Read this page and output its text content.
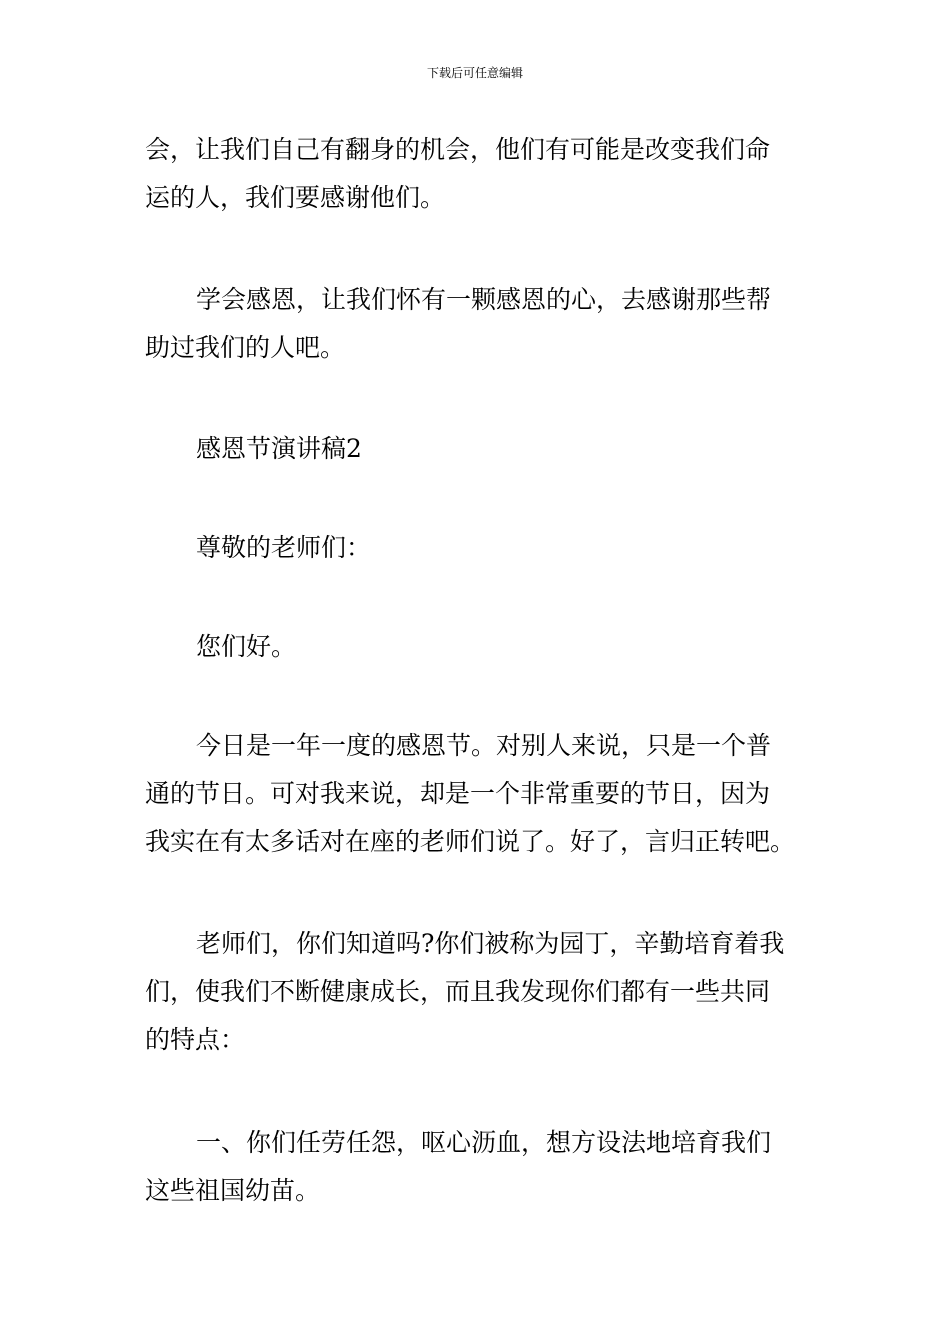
下载后可任意编辑
会，让我们自己有翻身的机会，他们有可能是改变我们命
运的人，我们要感谢他们。
学会感恩，让我们怀有一颗感恩的心，去感谢那些帮
助过我们的人吧。
感恩节演讲稿2
尊敬的老师们：
您们好。
今日是一年一度的感恩节。对别人来说，只是一个普
通的节日。可对我来说，却是一个非常重要的节日，因为
我实在有太多话对在座的老师们说了。好了，言归正转吧。
老师们，你们知道吗?你们被称为园丁，辛勤培育着我
们，使我们不断健康成长，而且我发现你们都有一些共同
的特点：
一、你们任劳任怨，呕心沥血，想方设法地培育我们
这些祖国幼苗。
